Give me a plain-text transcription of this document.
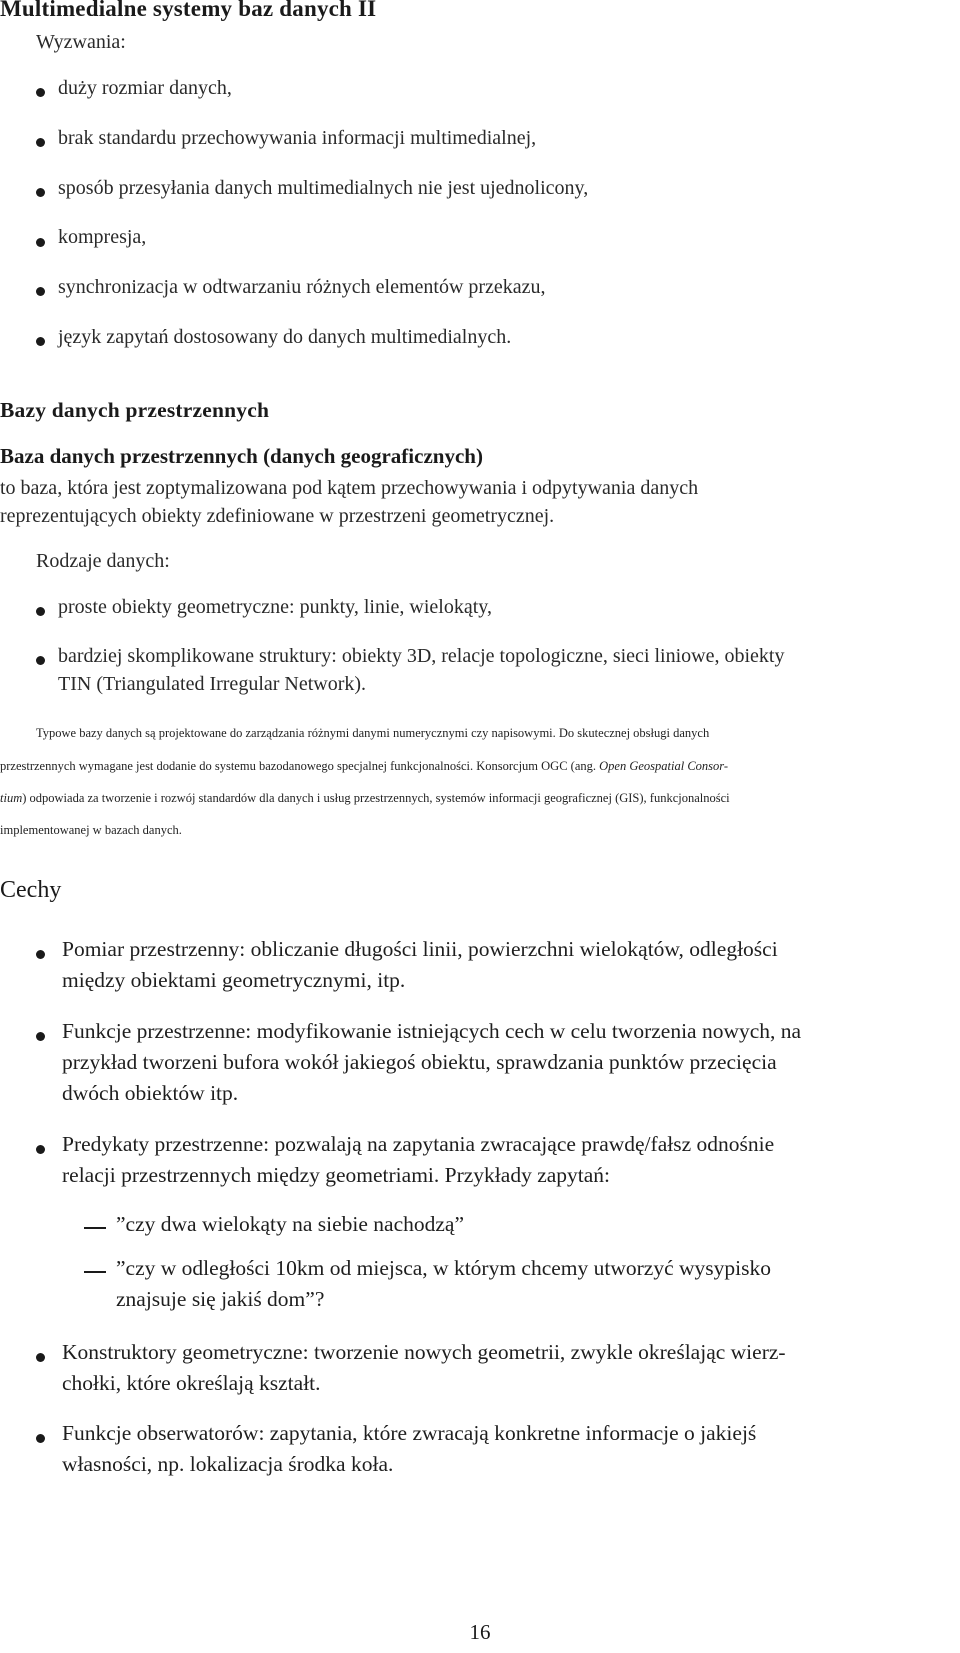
Multimedialne systemy baz danych II
Wyzwania:
duży rozmiar danych,
brak standardu przechowywania informacji multimedialnej,
sposób przesyłania danych multimedialnych nie jest ujednolicony,
kompresja,
synchronizacja w odtwarzaniu różnych elementów przekazu,
język zapytań dostosowany do danych multimedialnych.
Bazy danych przestrzennych
Baza danych przestrzennych (danych geograficznych)
to baza, która jest zoptymalizowana pod kątem przechowywania i odpytywania danych
reprezentujących obiekty zdefiniowane w przestrzeni geometrycznej.
Rodzaje danych:
proste obiekty geometryczne: punkty, linie, wielokąty,
bardziej skomplikowane struktury: obiekty 3D, relacje topologiczne, sieci liniowe, obiekty
TIN (Triangulated Irregular Network).
Typowe bazy danych są projektowane do zarządzania różnymi danymi numerycznymi czy napisowymi. Do skutecznej obsługi danych
przestrzennych wymagane jest dodanie do systemu bazodanowego specjalnej funkcjonalności. Konsorcjum OGC (ang. Open Geospatial Consor-
tium) odpowiada za tworzenie i rozwój standardów dla danych i usług przestrzennych, systemów informacji geograficznej (GIS), funkcjonalności
implementowanej w bazach danych.
Cechy
Pomiar przestrzenny: obliczanie długości linii, powierzchni wielokątów, odległości
między obiektami geometrycznymi, itp.
Funkcje przestrzenne: modyfikowanie istniejących cech w celu tworzenia nowych, na
przykład tworzeni bufora wokół jakiegoś obiektu, sprawdzania punktów przecięcia
dwóch obiektów itp.
Predykaty przestrzenne: pozwalają na zapytania zwracające prawdę/fałsz odnośnie
relacji przestrzennych między geometriami. Przykłady zapytań:
”czy dwa wielokąty na siebie nachodzą”
”czy w odległości 10km od miejsca, w którym chcemy utworzyć wysypisko
znajsuje się jakiś dom”?
Konstruktory geometryczne: tworzenie nowych geometrii, zwykle określając wierz-
chołki, które określają kształt.
Funkcje obserwatorów: zapytania, które zwracają konkretne informacje o jakiejś
własności, np. lokalizacja środka koła.
16
